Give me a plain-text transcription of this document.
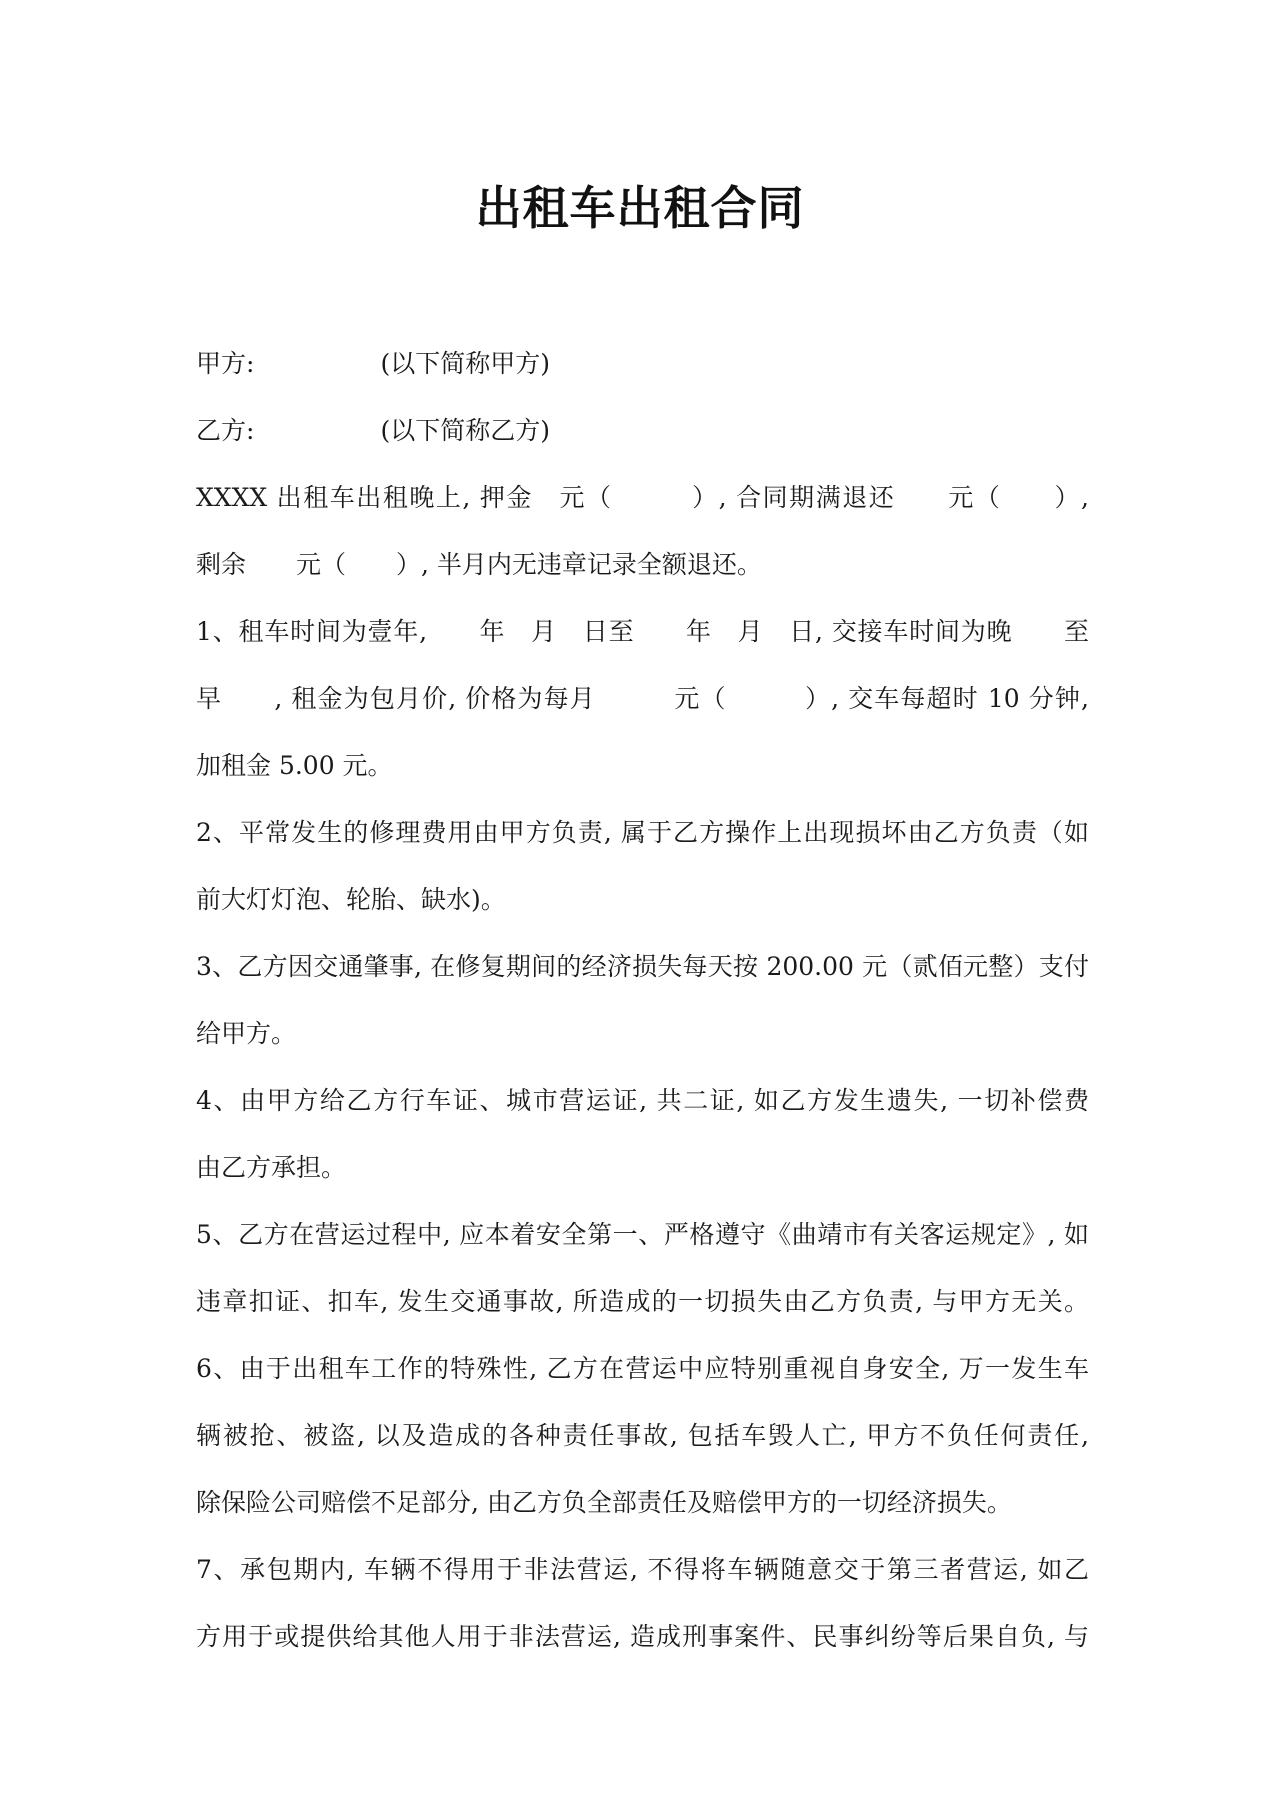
出租车出租合同
甲方:	(以下简称甲方)
乙方:	(以下简称乙方)
XXXX 出租车出租晚上, 押金　元（　　　）, 合同期满退还　　元（　　）,
剩余　　元（　　）, 半月内无违章记录全额退还。
1、租车时间为壹年,　　年　月　日至　　年　月　日, 交接车时间为晚　　至
早　　, 租金为包月价, 价格为每月　　　元（　　　）, 交车每超时 10 分钟,
加租金 5.00 元。
2、平常发生的修理费用由甲方负责, 属于乙方操作上出现损坏由乙方负责（如
前大灯灯泡、轮胎、缺水)。
3、乙方因交通肇事, 在修复期间的经济损失每天按 200.00 元（贰佰元整）支付
给甲方。
4、由甲方给乙方行车证、城市营运证, 共二证, 如乙方发生遗失, 一切补偿费
由乙方承担。
5、乙方在营运过程中, 应本着安全第一、严格遵守《曲靖市有关客运规定》, 如
违章扣证、扣车, 发生交通事故, 所造成的一切损失由乙方负责, 与甲方无关。
6、由于出租车工作的特殊性, 乙方在营运中应特别重视自身安全, 万一发生车
辆被抢、被盗, 以及造成的各种责任事故, 包括车毁人亡, 甲方不负任何责任,
除保险公司赔偿不足部分, 由乙方负全部责任及赔偿甲方的一切经济损失。
7、承包期内, 车辆不得用于非法营运, 不得将车辆随意交于第三者营运, 如乙
方用于或提供给其他人用于非法营运, 造成刑事案件、民事纠纷等后果自负, 与
